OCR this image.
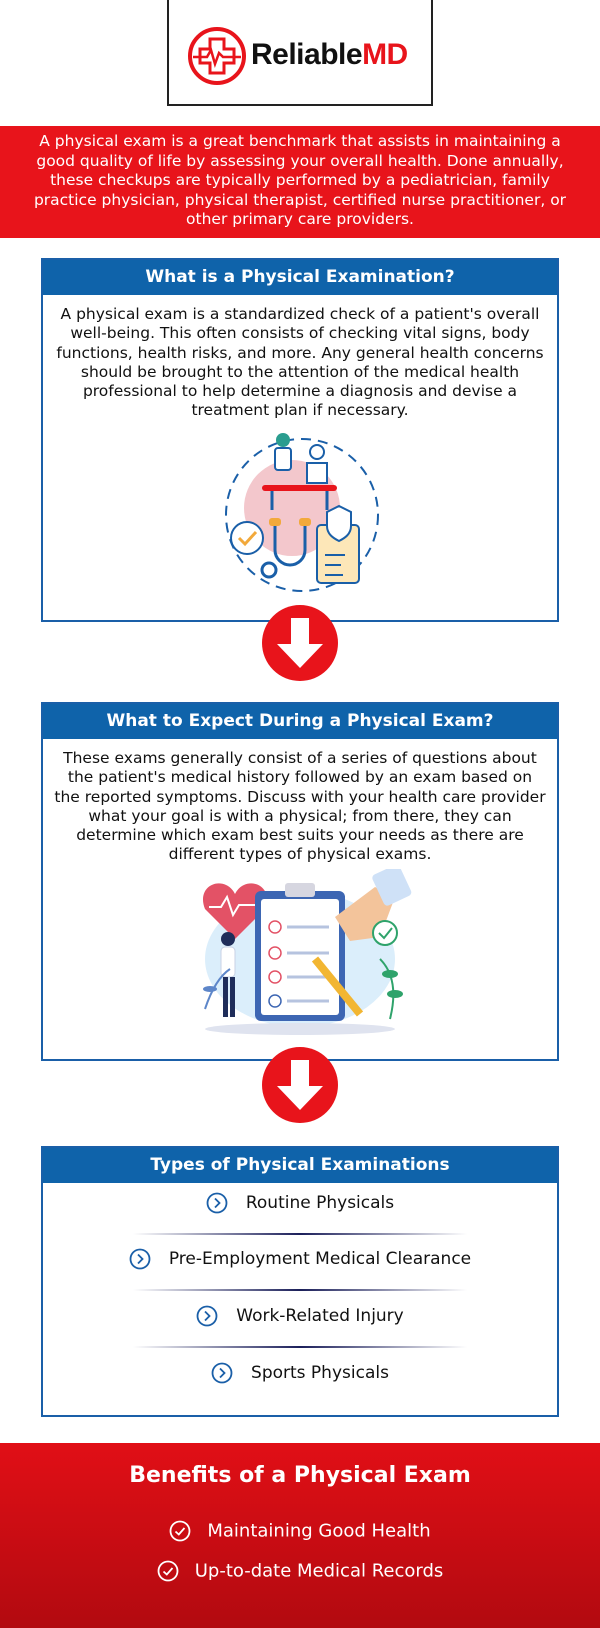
ReliableMD
A physical exam is a great benchmark that assists in maintaining a good quality of life by assessing your overall health. Done annually, these checkups are typically performed by a pediatrician, family practice physician, physical therapist, certified nurse practitioner, or other primary care providers.
What is a Physical Examination?
A physical exam is a standardized check of a patient's overall well-being. This often consists of checking vital signs, body functions, health risks, and more. Any general health concerns should be brought to the attention of the medical health professional to help determine a diagnosis and devise a treatment plan if necessary.
What to Expect During a Physical Exam?
These exams generally consist of a series of questions about the patient's medical history followed by an exam based on the reported symptoms. Discuss with your health care provider what your goal is with a physical; from there, they can determine which exam best suits your needs as there are different types of physical exams.
Types of Physical Examinations
Routine Physicals
Pre-Employment Medical Clearance
Work-Related Injury
Sports Physicals
Benefits of a Physical Exam
Maintaining Good Health
Up-to-date Medical Records
